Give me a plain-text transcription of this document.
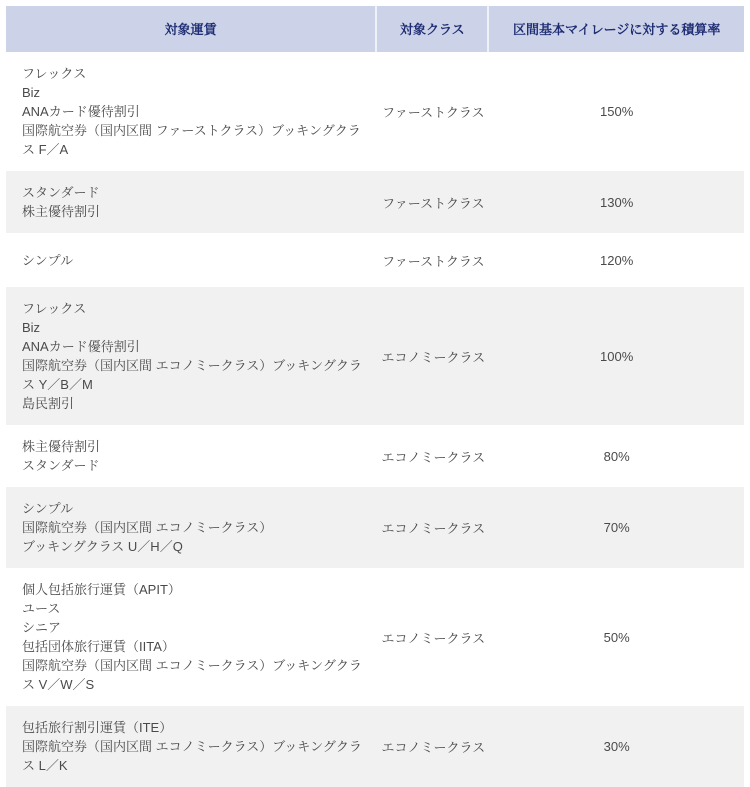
対象運賃	対象クラス	区間基本マイレージに対する積算率
フレックス
Biz
ANAカード優待割引
国際航空券（国内区間 ファーストクラス）ブッキングクラス F／A
ファーストクラス	150%
スタンダード
株主優待割引
ファーストクラス	130%
シンプル	ファーストクラス	120%
フレックス
Biz
ANAカード優待割引
国際航空券（国内区間 エコノミークラス）ブッキングクラス Y／B／M
島民割引
エコノミークラス	100%
株主優待割引
スタンダード
エコノミークラス	80%
シンプル
国際航空券（国内区間 エコノミークラス）
ブッキングクラス U／H／Q
エコノミークラス	70%
個人包括旅行運賃（APIT）
ユース
シニア
包括団体旅行運賃（IITA）
国際航空券（国内区間 エコノミークラス）ブッキングクラス V／W／S
エコノミークラス	50%
包括旅行割引運賃（ITE）
国際航空券（国内区間 エコノミークラス）ブッキングクラス L／K
エコノミークラス	30%
